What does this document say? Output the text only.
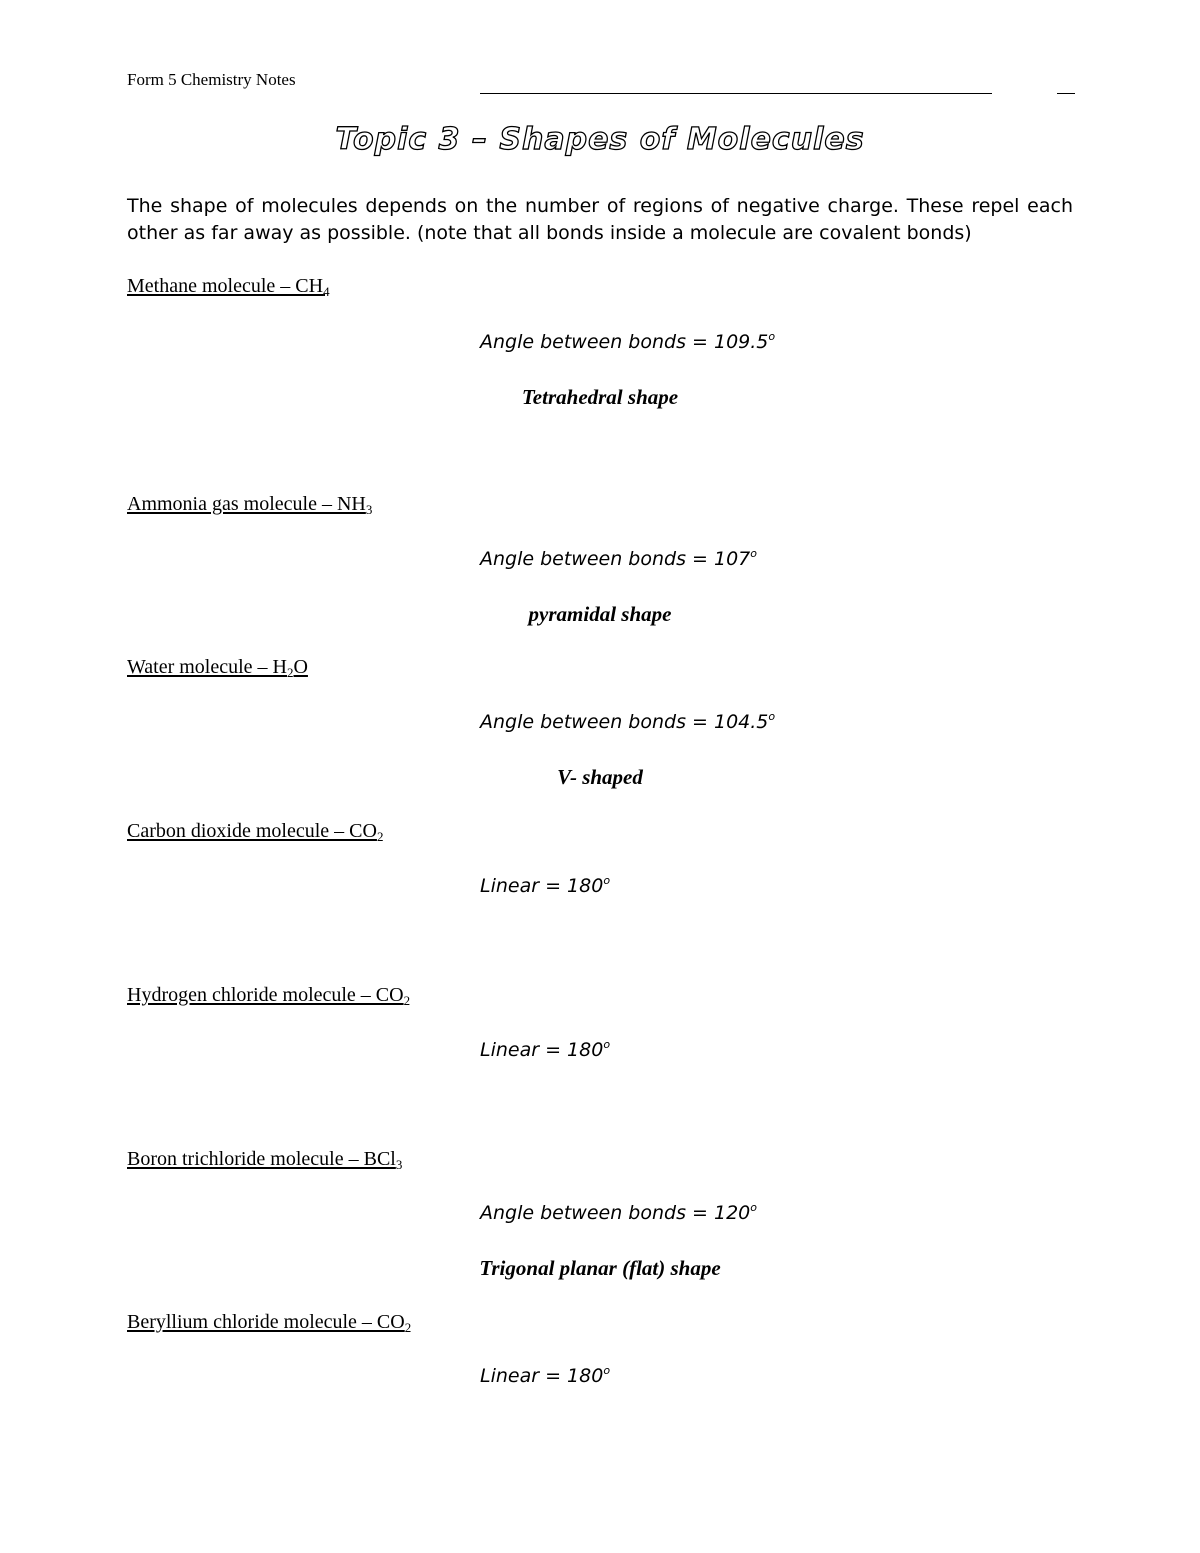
Form 5 Chemistry Notes
Topic 3 – Shapes of Molecules
The shape of molecules depends on the number of regions of negative charge. These repel each other as far away as possible. (note that all bonds inside a molecule are covalent bonds)
Methane molecule – $CH_4$
Angle between bonds = $109.5^o$
Tetrahedral shape
Ammonia gas molecule – $NH_3$
Angle between bonds = $107^o$
pyramidal shape
Water molecule – $H_2O$
Angle between bonds = $104.5^o$
V- shaped
Carbon dioxide molecule – $CO_2$
Linear = $180^o$
Hydrogen chloride molecule – $CO_2$
Linear = $180^o$
Boron trichloride molecule – BCl$_3$
Angle between bonds = $120^o$
Trigonal planar (flat) shape
Beryllium chloride molecule – $CO_2$
Linear = $180^o$
